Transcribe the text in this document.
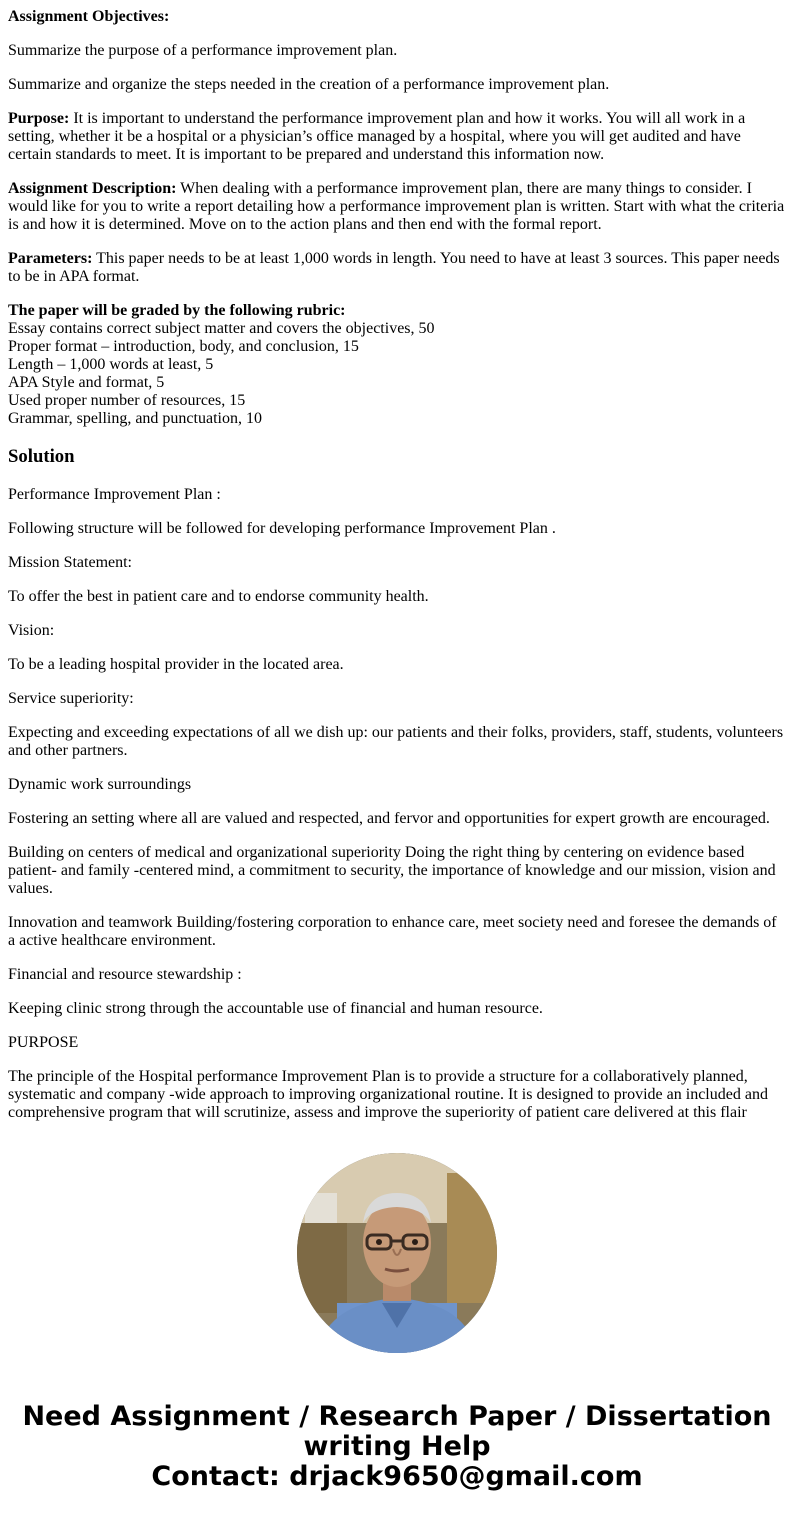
Assignment Objectives:

Summarize the purpose of a performance improvement plan.

Summarize and organize the steps needed in the creation of a performance improvement plan.

Purpose: It is important to understand the performance improvement plan and how it works. You will all work in a setting, whether it be a hospital or a physician’s office managed by a hospital, where you will get audited and have certain standards to meet. It is important to be prepared and understand this information now.

Assignment Description: When dealing with a performance improvement plan, there are many things to consider. I would like for you to write a report detailing how a performance improvement plan is written. Start with what the criteria is and how it is determined. Move on to the action plans and then end with the formal report.

Parameters: This paper needs to be at least 1,000 words in length. You need to have at least 3 sources. This paper needs to be in APA format.

The paper will be graded by the following rubric:
Essay contains correct subject matter and covers the objectives, 50
Proper format – introduction, body, and conclusion, 15
Length – 1,000 words at least, 5
APA Style and format, 5
Used proper number of resources, 15
Grammar, spelling, and punctuation, 10

Solution

Performance Improvement Plan :

Following structure will be followed for developing performance Improvement Plan .

Mission Statement:

To offer the best in patient care and to endorse community health.

Vision:

To be a leading hospital provider in the located area.

Service superiority:

Expecting and exceeding expectations of all we dish up: our patients and their folks, providers, staff, students, volunteers and other partners.

Dynamic work surroundings

Fostering an setting where all are valued and respected, and fervor and opportunities for expert growth are encouraged.

Building on centers of medical and organizational superiority Doing the right thing by centering on evidence based patient- and family -centered mind, a commitment to security, the importance of knowledge and our mission, vision and values.

Innovation and teamwork Building/fostering corporation to enhance care, meet society need and foresee the demands of a active healthcare environment.

Financial and resource stewardship :

Keeping clinic strong through the accountable use of financial and human resource.

PURPOSE

The principle of the Hospital performance Improvement Plan is to provide a structure for a collaboratively planned, systematic and company -wide approach to improving organizational routine. It is designed to provide an included and comprehensive program that will scrutinize, assess and improve the superiority of patient care delivered at this flair

Need Assignment / Research Paper / Dissertation
writing Help
Contact: drjack9650@gmail.com
